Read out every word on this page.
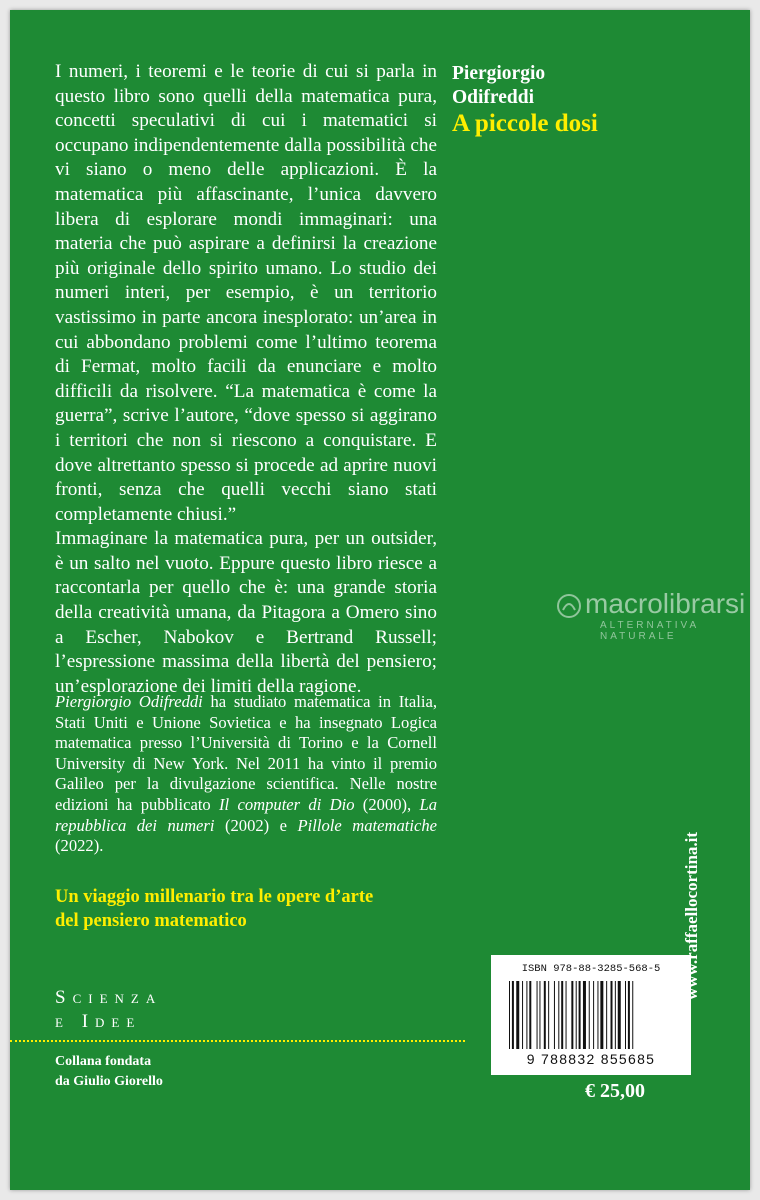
I numeri, i teoremi e le teorie di cui si parla in questo libro sono quelli della matematica pura, concetti speculativi di cui i matematici si occupano indipendentemente dalla possibilità che vi siano o meno delle applicazioni. È la matematica più affascinante, l’unica davvero libera di esplorare mondi immaginari: una materia che può aspirare a definirsi la creazione più originale dello spirito umano. Lo studio dei numeri interi, per esempio, è un territorio vastissimo in parte ancora inesplorato: un’area in cui abbondano problemi come l’ultimo teorema di Fermat, molto facili da enunciare e molto difficili da risolvere. “La matematica è come la guerra”, scrive l’autore, “dove spesso si aggirano i territori che non si riescono a conquistare. E dove altrettanto spesso si procede ad aprire nuovi fronti, senza che quelli vecchi siano stati completamente chiusi.”

Immaginare la matematica pura, per un outsider, è un salto nel vuoto. Eppure questo libro riesce a raccontarla per quello che è: una grande storia della creatività umana, da Pitagora a Omero sino a Escher, Nabokov e Bertrand Russell; l’espressione massima della libertà del pensiero; un’esplorazione dei limiti della ragione.

Piergiorgio Odifreddi ha studiato matematica in Italia, Stati Uniti e Unione Sovietica e ha insegnato Logica matematica presso l’Università di Torino e la Cornell University di New York. Nel 2011 ha vinto il premio Galileo per la divulgazione scientifica. Nelle nostre edizioni ha pubblicato Il computer di Dio (2000), La repubblica dei numeri (2002) e Pillole matematiche (2022).

Un viaggio millenario tra le opere d’arte
del pensiero matematico
Piergiorgio
Odifreddi
A piccole dosi
Scienza
e Idee
Collana fondata
da Giulio Giorello
ISBN 978-88-3285-568-5
9 788832 855685
€ 25,00
www.raffaellocortina.it
macrolibrarsi
ALTERNATIVA NATURALE
